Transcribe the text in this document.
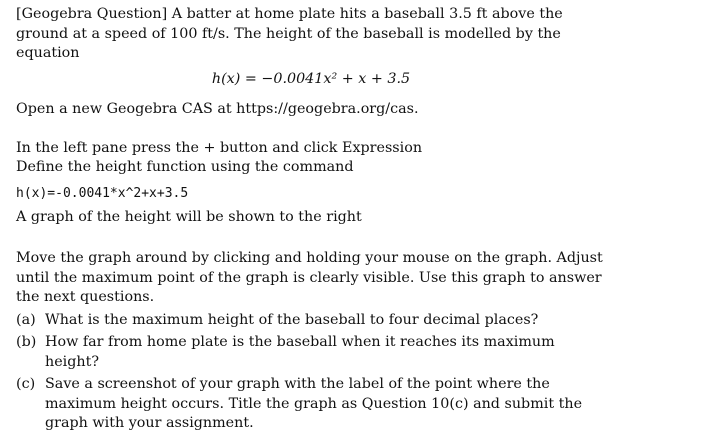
[Geogebra Question] A batter at home plate hits a baseball 3.5 ft above the ground at a speed of 100 ft/s. The height of the baseball is modelled by the equation

h(x) = −0.0041x² + x + 3.5

Open a new Geogebra CAS at https://geogebra.org/cas.

In the left pane press the + button and click Expression

Define the height function using the command

h(x)=-0.0041*x^2+x+3.5

A graph of the height will be shown to the right

Move the graph around by clicking and holding your mouse on the graph. Adjust until the maximum point of the graph is clearly visible. Use this graph to answer the next questions.

(a) What is the maximum height of the baseball to four decimal places?
(b) How far from home plate is the baseball when it reaches its maximum height?
(c) Save a screenshot of your graph with the label of the point where the maximum height occurs. Title the graph as Question 10(c) and submit the graph with your assignment.
